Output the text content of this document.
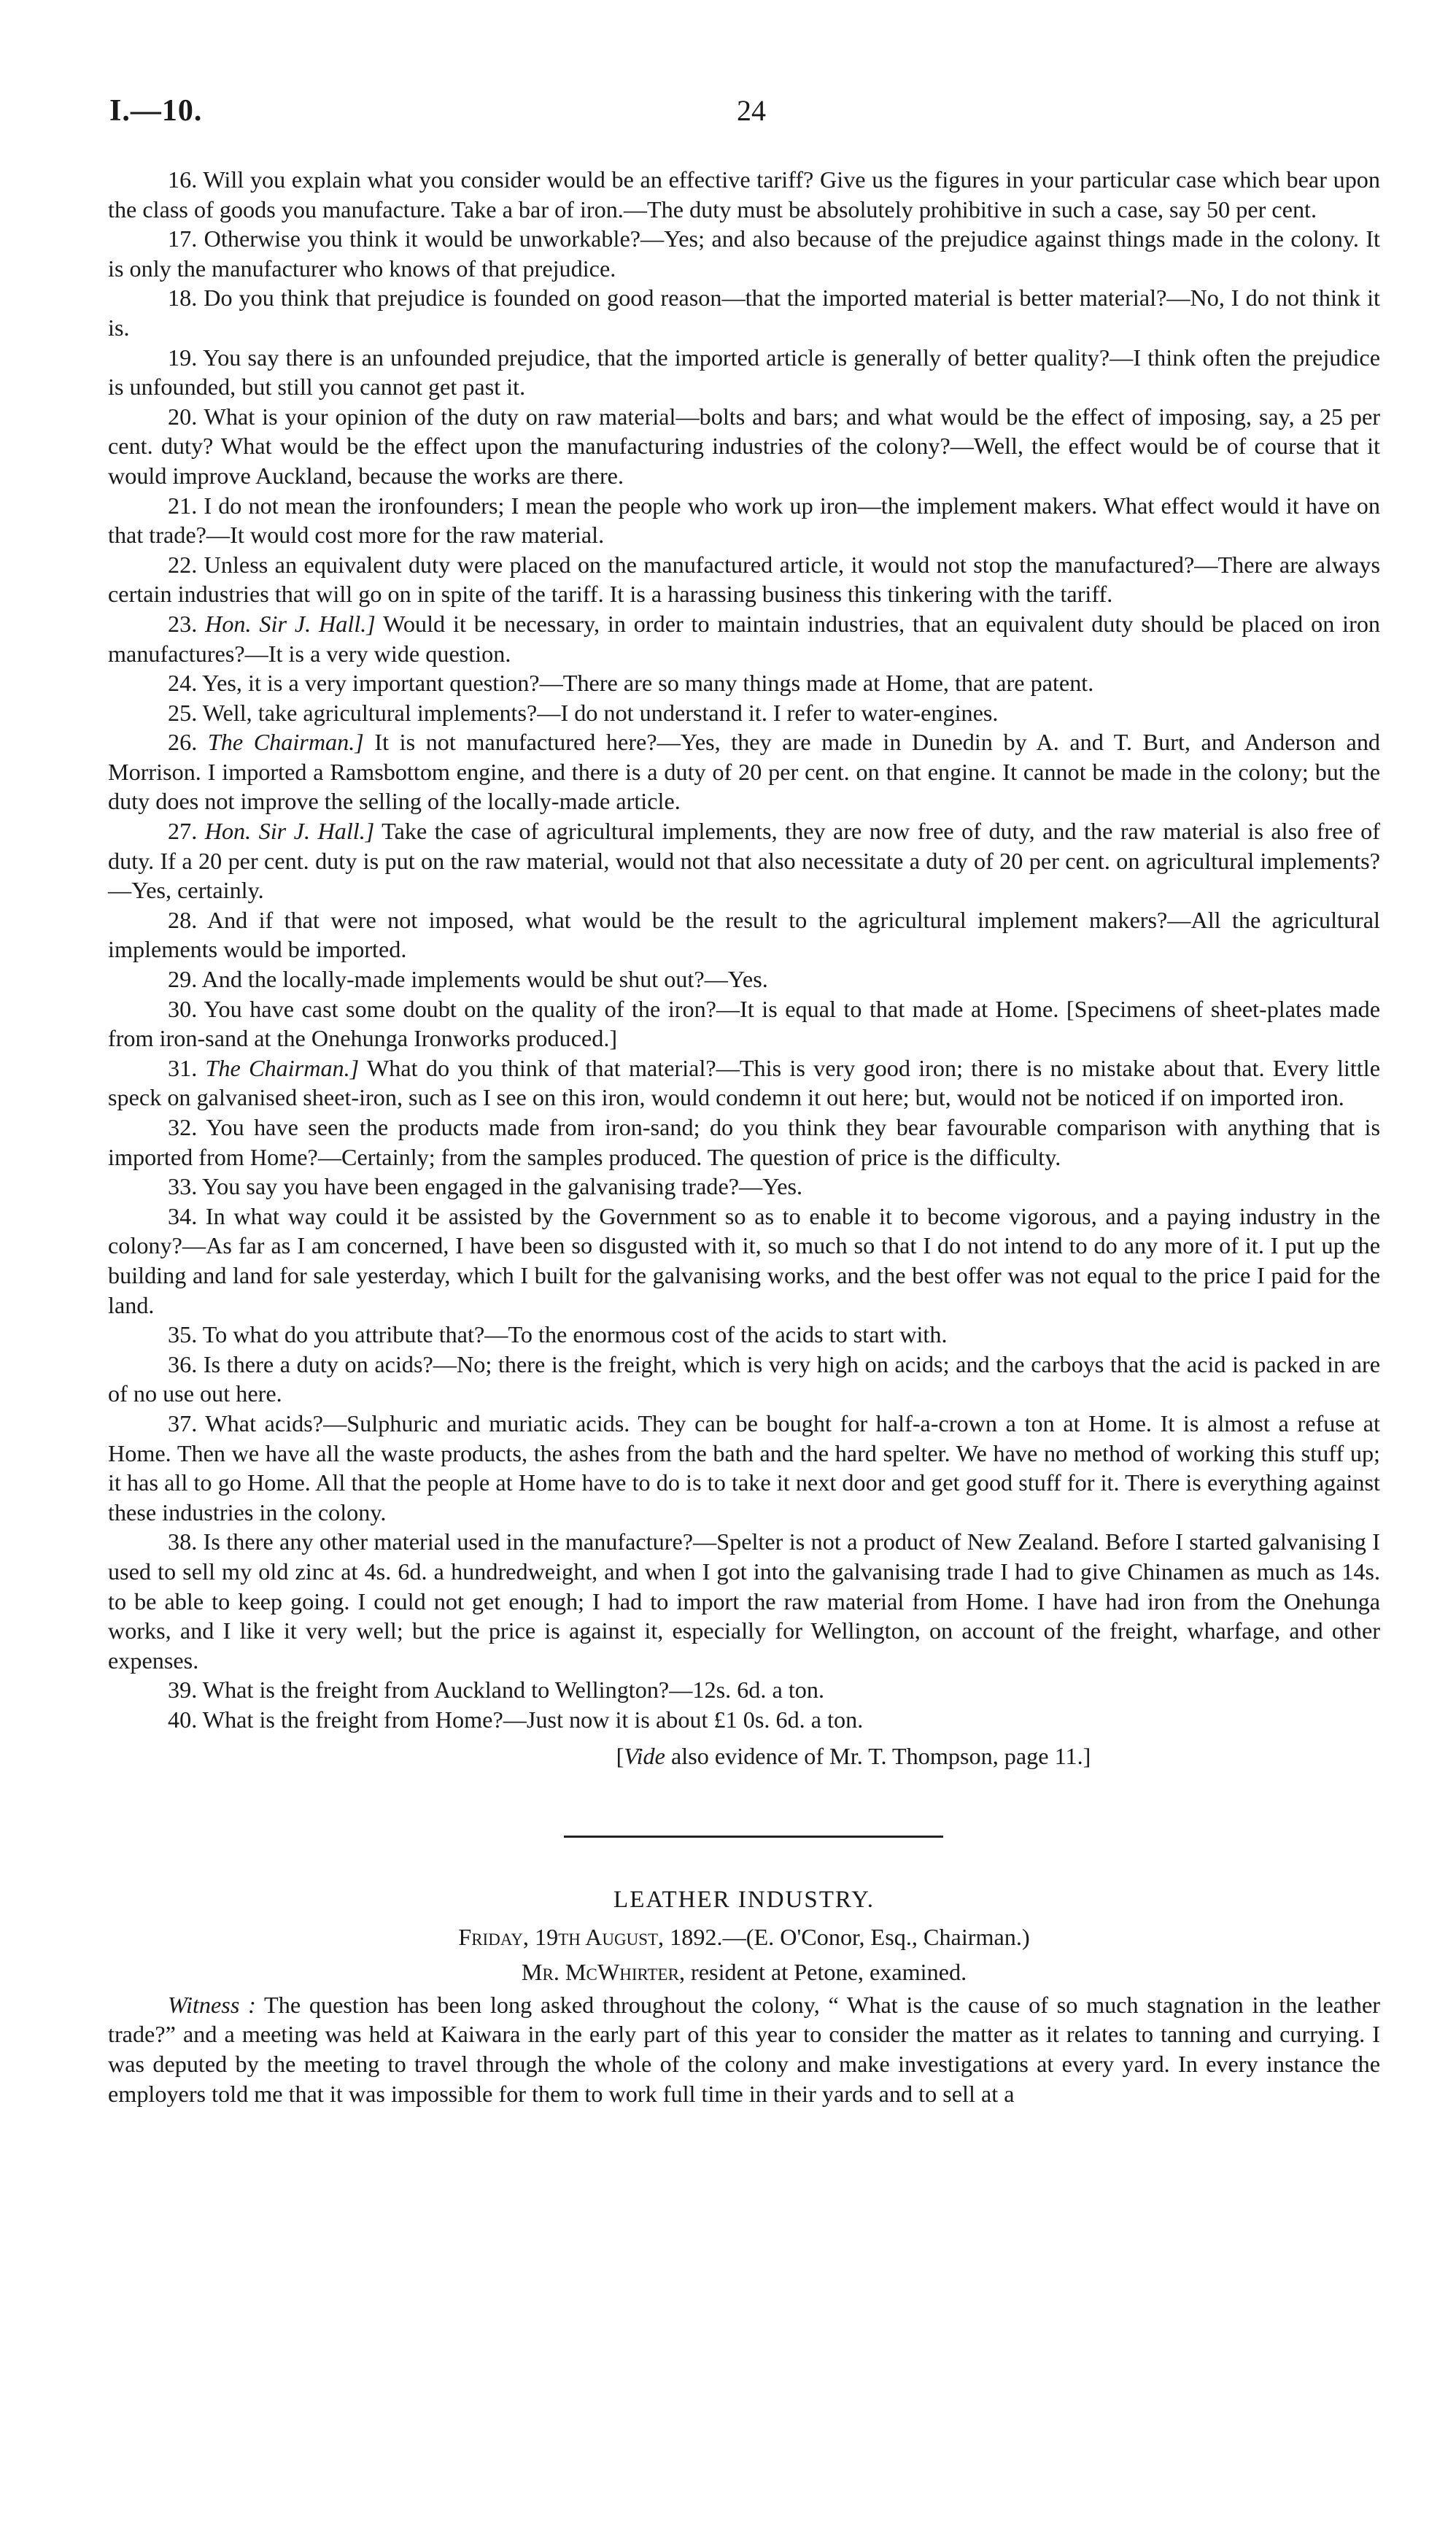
I.—10.	24

16. Will you explain what you consider would be an effective tariff? Give us the figures in your particular case which bear upon the class of goods you manufacture. Take a bar of iron.—The duty must be absolutely prohibitive in such a case, say 50 per cent.

17. Otherwise you think it would be unworkable?—Yes; and also because of the prejudice against things made in the colony. It is only the manufacturer who knows of that prejudice.

18. Do you think that prejudice is founded on good reason—that the imported material is better material?—No, I do not think it is.

19. You say there is an unfounded prejudice, that the imported article is generally of better quality?—I think often the prejudice is unfounded, but still you cannot get past it.

20. What is your opinion of the duty on raw material—bolts and bars; and what would be the effect of imposing, say, a 25 per cent. duty? What would be the effect upon the manufacturing industries of the colony?—Well, the effect would be of course that it would improve Auckland, because the works are there.

21. I do not mean the ironfounders; I mean the people who work up iron—the implement makers. What effect would it have on that trade?—It would cost more for the raw material.

22. Unless an equivalent duty were placed on the manufactured article, it would not stop the manufactured?—There are always certain industries that will go on in spite of the tariff. It is a harassing business this tinkering with the tariff.

23. Hon. Sir J. Hall.] Would it be necessary, in order to maintain industries, that an equivalent duty should be placed on iron manufactures?—It is a very wide question.

24. Yes, it is a very important question?—There are so many things made at Home, that are patent.

25. Well, take agricultural implements?—I do not understand it. I refer to water-engines.

26. The Chairman.] It is not manufactured here?—Yes, they are made in Dunedin by A. and T. Burt, and Anderson and Morrison. I imported a Ramsbottom engine, and there is a duty of 20 per cent. on that engine. It cannot be made in the colony; but the duty does not improve the selling of the locally-made article.

27. Hon. Sir J. Hall.] Take the case of agricultural implements, they are now free of duty, and the raw material is also free of duty. If a 20 per cent. duty is put on the raw material, would not that also necessitate a duty of 20 per cent. on agricultural implements?—Yes, certainly.

28. And if that were not imposed, what would be the result to the agricultural implement makers?—All the agricultural implements would be imported.

29. And the locally-made implements would be shut out?—Yes.

30. You have cast some doubt on the quality of the iron?—It is equal to that made at Home. [Specimens of sheet-plates made from iron-sand at the Onehunga Ironworks produced.]

31. The Chairman.] What do you think of that material?—This is very good iron; there is no mistake about that. Every little speck on galvanised sheet-iron, such as I see on this iron, would condemn it out here; but, would not be noticed if on imported iron.

32. You have seen the products made from iron-sand; do you think they bear favourable comparison with anything that is imported from Home?—Certainly; from the samples produced. The question of price is the difficulty.

33. You say you have been engaged in the galvanising trade?—Yes.

34. In what way could it be assisted by the Government so as to enable it to become vigorous, and a paying industry in the colony?—As far as I am concerned, I have been so disgusted with it, so much so that I do not intend to do any more of it. I put up the building and land for sale yesterday, which I built for the galvanising works, and the best offer was not equal to the price I paid for the land.

35. To what do you attribute that?—To the enormous cost of the acids to start with.

36. Is there a duty on acids?—No; there is the freight, which is very high on acids; and the carboys that the acid is packed in are of no use out here.

37. What acids?—Sulphuric and muriatic acids. They can be bought for half-a-crown a ton at Home. It is almost a refuse at Home. Then we have all the waste products, the ashes from the bath and the hard spelter. We have no method of working this stuff up; it has all to go Home. All that the people at Home have to do is to take it next door and get good stuff for it. There is everything against these industries in the colony.

38. Is there any other material used in the manufacture?—Spelter is not a product of New Zealand. Before I started galvanising I used to sell my old zinc at 4s. 6d. a hundredweight, and when I got into the galvanising trade I had to give Chinamen as much as 14s. to be able to keep going. I could not get enough; I had to import the raw material from Home. I have had iron from the Onehunga works, and I like it very well; but the price is against it, especially for Wellington, on account of the freight, wharfage, and other expenses.

39. What is the freight from Auckland to Wellington?—12s. 6d. a ton.

40. What is the freight from Home?—Just now it is about £1 0s. 6d. a ton.

[Vide also evidence of Mr. T. Thompson, page 11.]

LEATHER INDUSTRY.

Friday, 19th August, 1892.—(E. O'Conor, Esq., Chairman.)

Mr. McWhirter, resident at Petone, examined.

Witness : The question has been long asked throughout the colony, “ What is the cause of so much stagnation in the leather trade?” and a meeting was held at Kaiwara in the early part of this year to consider the matter as it relates to tanning and currying. I was deputed by the meeting to travel through the whole of the colony and make investigations at every yard. In every instance the employers told me that it was impossible for them to work full time in their yards and to sell at a
